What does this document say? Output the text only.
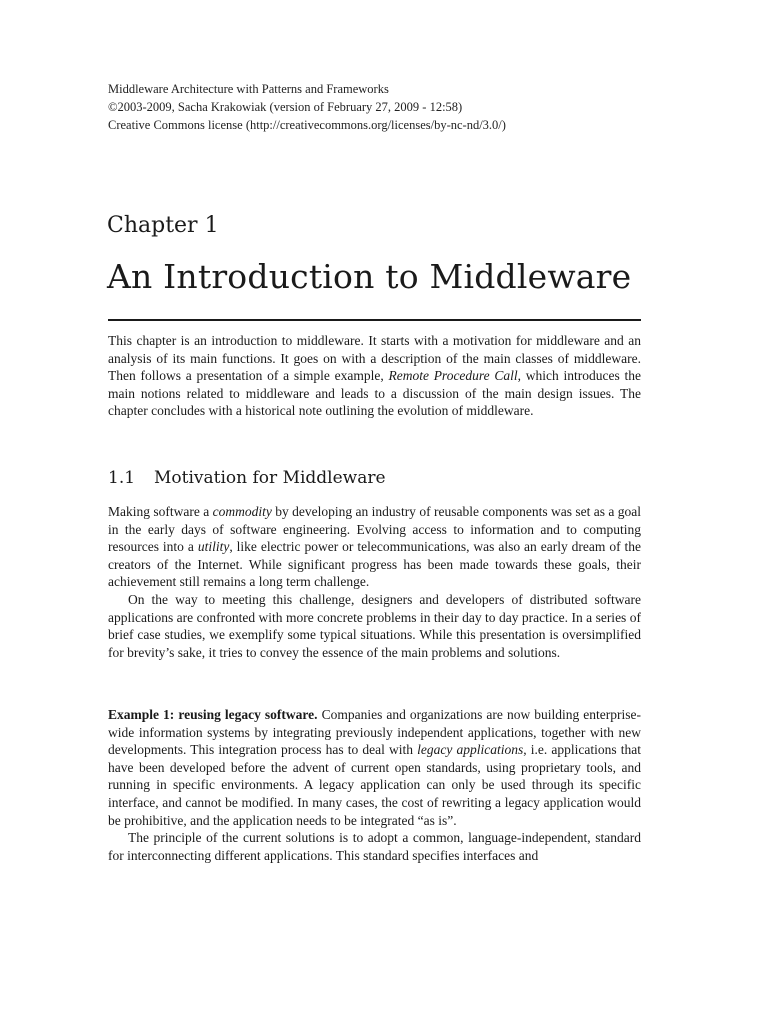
Middleware Architecture with Patterns and Frameworks
©2003-2009, Sacha Krakowiak (version of February 27, 2009 - 12:58)
Creative Commons license (http://creativecommons.org/licenses/by-nc-nd/3.0/)
Chapter 1
An Introduction to Middleware
This chapter is an introduction to middleware. It starts with a motivation for middleware and an analysis of its main functions. It goes on with a description of the main classes of middleware. Then follows a presentation of a simple example, Remote Procedure Call, which introduces the main notions related to middleware and leads to a discussion of the main design issues. The chapter concludes with a historical note outlining the evolution of middleware.
1.1 Motivation for Middleware

Making software a commodity by developing an industry of reusable components was set as a goal in the early days of software engineering. Evolving access to information and to computing resources into a utility, like electric power or telecommunications, was also an early dream of the creators of the Internet. While significant progress has been made towards these goals, their achievement still remains a long term challenge.

On the way to meeting this challenge, designers and developers of distributed software applications are confronted with more concrete problems in their day to day practice. In a series of brief case studies, we exemplify some typical situations. While this presentation is oversimplified for brevity’s sake, it tries to convey the essence of the main problems and solutions.

Example 1: reusing legacy software. Companies and organizations are now building enterprise-wide information systems by integrating previously independent applications, together with new developments. This integration process has to deal with legacy applications, i.e. applications that have been developed before the advent of current open standards, using proprietary tools, and running in specific environments. A legacy application can only be used through its specific interface, and cannot be modified. In many cases, the cost of rewriting a legacy application would be prohibitive, and the application needs to be integrated “as is”.

The principle of the current solutions is to adopt a common, language-independent, standard for interconnecting different applications. This standard specifies interfaces and
